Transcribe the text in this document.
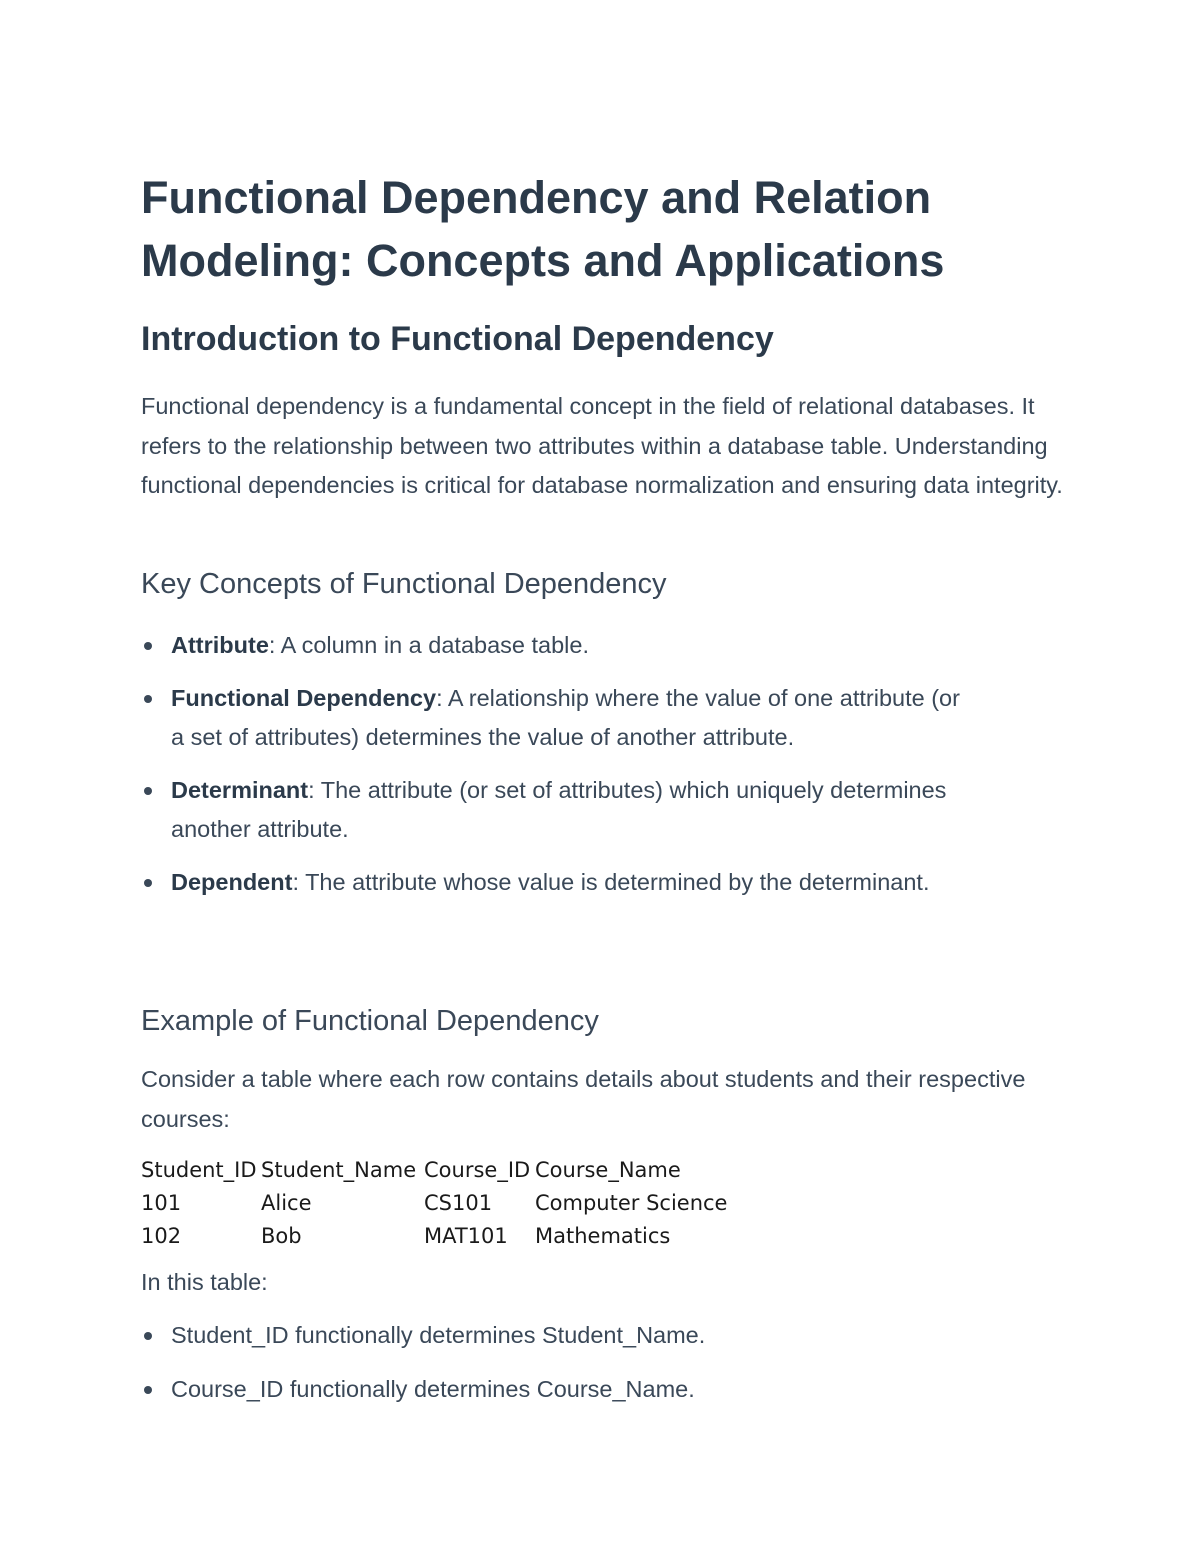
Functional Dependency and Relation Modeling: Concepts and Applications
Introduction to Functional Dependency

Functional dependency is a fundamental concept in the field of relational databases. It refers to the relationship between two attributes within a database table. Understanding functional dependencies is critical for database normalization and ensuring data integrity.

Key Concepts of Functional Dependency
Attribute: A column in a database table.
Functional Dependency: A relationship where the value of one attribute (or a set of attributes) determines the value of another attribute.
Determinant: The attribute (or set of attributes) which uniquely determines another attribute.
Dependent: The attribute whose value is determined by the determinant.
Example of Functional Dependency

Consider a table where each row contains details about students and their respective courses:

Student_ID	Student_Name	Course_ID	Course_Name
101	Alice	CS101	Computer Science
102	Bob	MAT101	Mathematics

In this table:

Student_ID functionally determines Student_Name.
Course_ID functionally determines Course_Name.
